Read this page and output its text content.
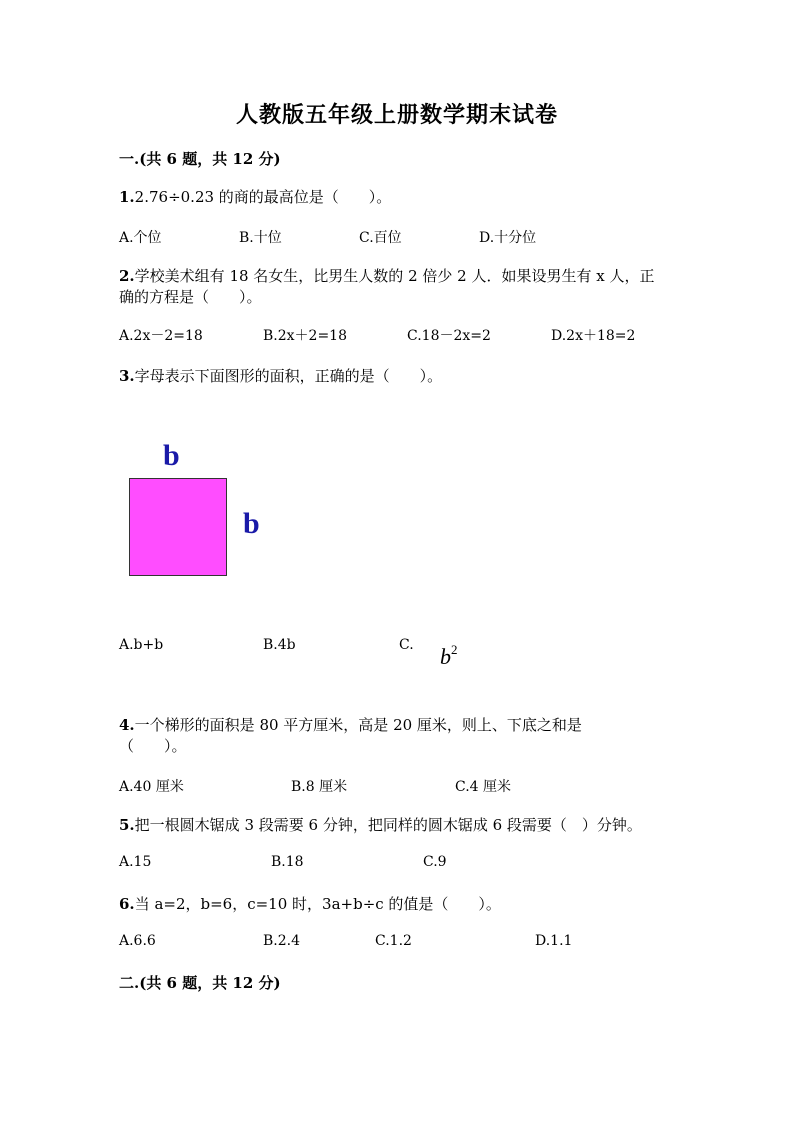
人教版五年级上册数学期末试卷
一.(共 6 题，共 12 分)
1.2.76÷0.23 的商的最高位是（　　）。
A.个位	B.十位	C.百位	D.十分位
2.学校美术组有 18 名女生，比男生人数的 2 倍少 2 人．如果设男生有 x 人，正
确的方程是（　　）。
A.2x－2=18	B.2x＋2=18	C.18－2x=2	D.2x＋18=2
3.字母表示下面图形的面积，正确的是（　　）。
b
b
A.b+b	B.4b	C. $b^2$
4.一个梯形的面积是 80 平方厘米，高是 20 厘米，则上、下底之和是
（　　）。
A.40 厘米	B.8 厘米	C.4 厘米
5.把一根圆木锯成 3 段需要 6 分钟，把同样的圆木锯成 6 段需要（　）分钟。
A.15	B.18	C.9
6.当 a=2，b=6，c=10 时，3a+b÷c 的值是（　　）。
A.6.6	B.2.4	C.1.2	D.1.1
二.(共 6 题，共 12 分)
